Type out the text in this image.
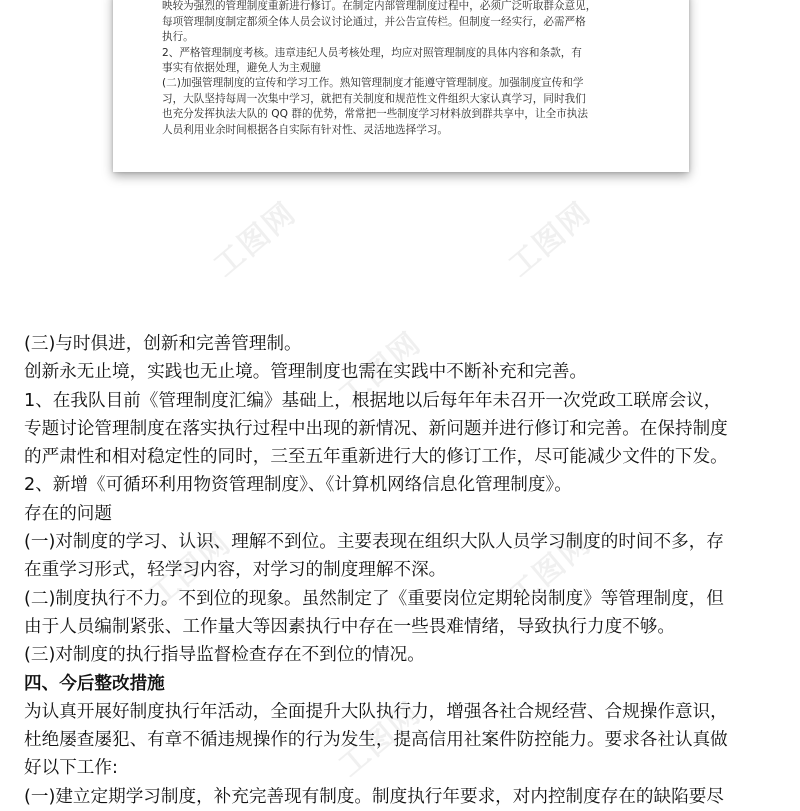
映较为强烈的管理制度重新进行修订。在制定内部管理制度过程中，必须广泛听取群众意见，
每项管理制度制定都须全体人员会议讨论通过，并公告宣传栏。但制度一经实行，必需严格
执行。
2、严格管理制度考核。违章违纪人员考核处理，均应对照管理制度的具体内容和条款，有
事实有依据处理，避免人为主观臆
(二)加强管理制度的宣传和学习工作。熟知管理制度才能遵守管理制度。加强制度宣传和学
习，大队坚持每周一次集中学习，就把有关制度和规范性文件组织大家认真学习，同时我们
也充分发挥执法大队的 QQ 群的优势，常常把一些制度学习材料放到群共享中，让全市执法
人员利用业余时间根据各自实际有针对性、灵活地选择学习。
工图网	工图网
工图网
工图网	工图网
工图网
(三)与时俱进，创新和完善管理制。
创新永无止境，实践也无止境。管理制度也需在实践中不断补充和完善。
1、在我队目前《管理制度汇编》基础上，根据地以后每年年未召开一次党政工联席会议，
专题讨论管理制度在落实执行过程中出现的新情况、新问题并进行修订和完善。在保持制度
的严肃性和相对稳定性的同时，三至五年重新进行大的修订工作，尽可能减少文件的下发。
2、新增《可循环利用物资管理制度》、《计算机网络信息化管理制度》。
存在的问题
(一)对制度的学习、认识、理解不到位。主要表现在组织大队人员学习制度的时间不多，存
在重学习形式，轻学习内容，对学习的制度理解不深。
(二)制度执行不力。不到位的现象。虽然制定了《重要岗位定期轮岗制度》等管理制度，但
由于人员编制紧张、工作量大等因素执行中存在一些畏难情绪，导致执行力度不够。
(三)对制度的执行指导监督检查存在不到位的情况。
四、今后整改措施
为认真开展好制度执行年活动，全面提升大队执行力，增强各社合规经营、合规操作意识，
杜绝屡查屡犯、有章不循违规操作的行为发生，提高信用社案件防控能力。要求各社认真做
好以下工作:
(一)建立定期学习制度，补充完善现有制度。制度执行年要求，对内控制度存在的缺陷要尽
